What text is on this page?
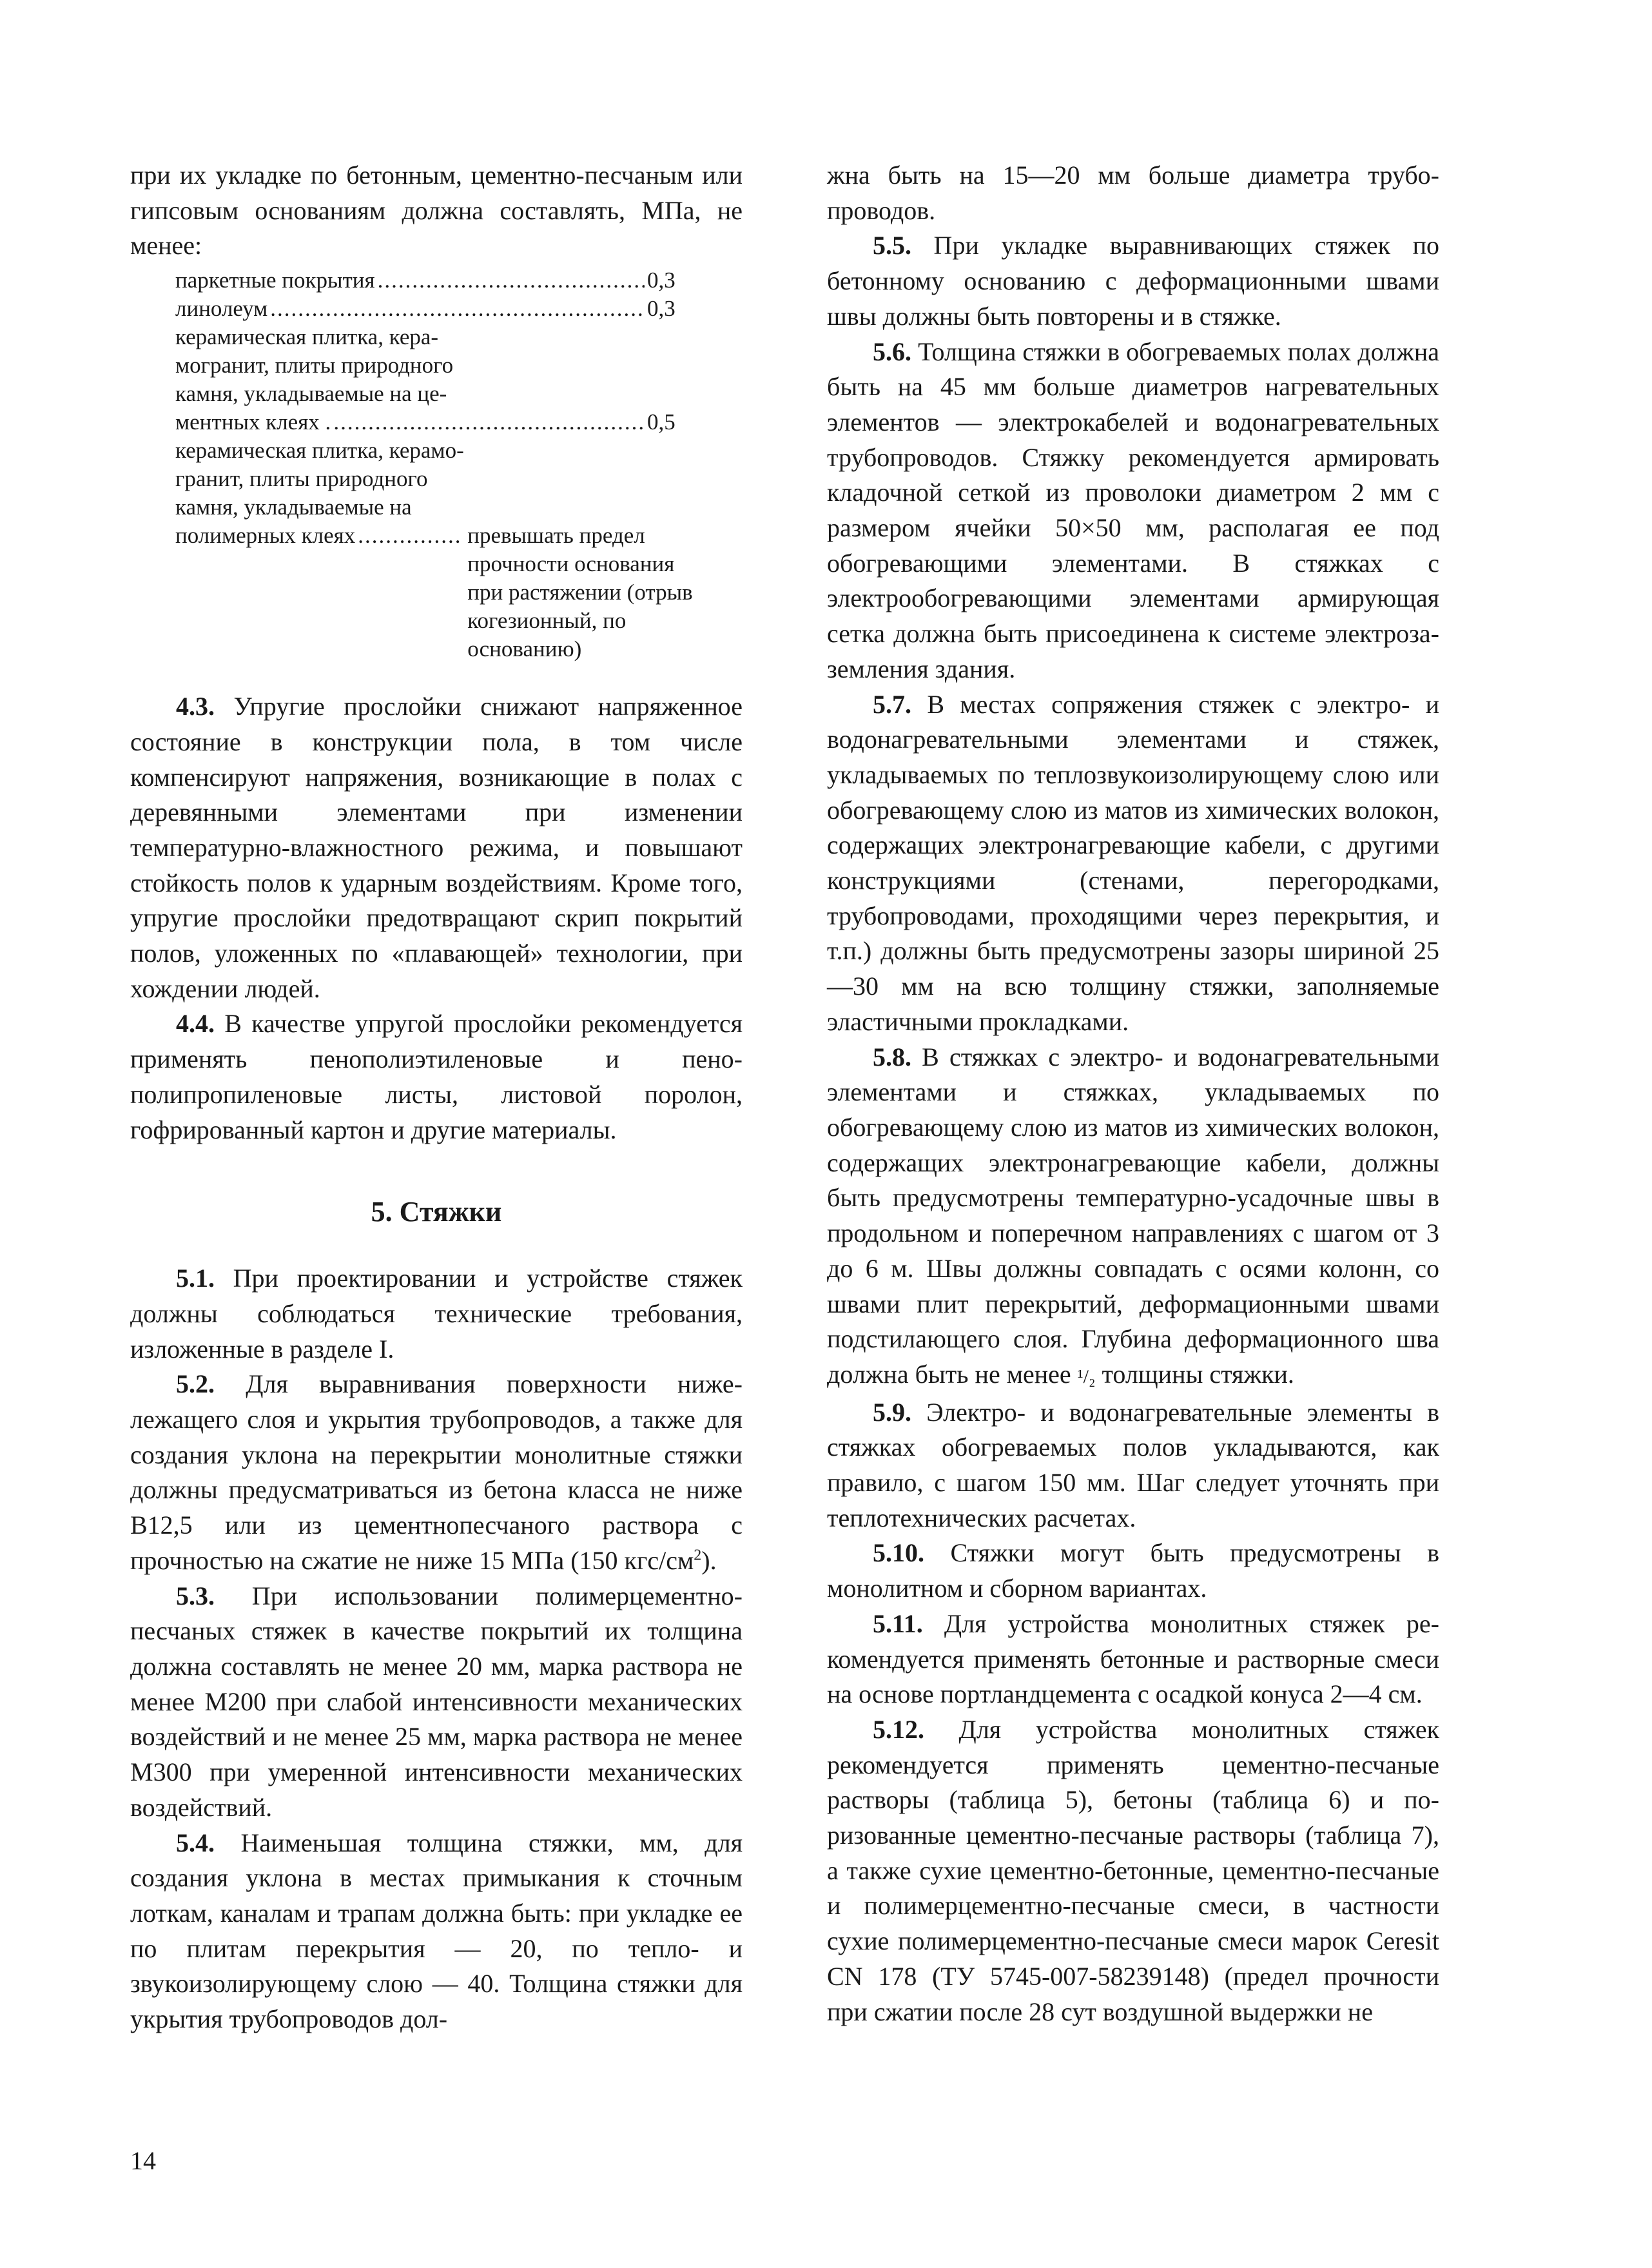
при их укладке по бетонным, цементно-песчаным или гипсовым основаниям должна составлять, МПа, не менее:

паркетные покрытия .....	0,3
линолеум .....	0,3
керамическая плитка, кера-
могранит, плиты природного
камня, укладываемые на це-
ментных клеях . .....	0,5
керамическая плитка, керамо-
гранит, плиты природного
камня, укладываемые на
полимерных клеях .....	превышать предел прочности основания при растяжении (отрыв когезионный, по основанию)

4.3. Упругие прослойки снижают напряженное состояние в конструкции пола, в том числе компенсируют напряжения, возникающие в полах с деревянными элементами при изменении температурно-влажностного режима, и повышают стойкость полов к ударным воздействиям. Кроме того, упругие прослойки предотвращают скрип покрытий полов, уложенных по «плавающей» технологии, при хождении людей.

4.4. В качестве упругой прослойки рекомендуется применять пенополиэтиленовые и пенополипропиленовые листы, листовой поролон, гофрированный картон и другие материалы.

5. Стяжки

5.1. При проектировании и устройстве стяжек должны соблюдаться технические требования, изложенные в разделе I.

5.2. Для выравнивания поверхности нижележащего слоя и укрытия трубопроводов, а также для создания уклона на перекрытии монолитные стяжки должны предусматриваться из бетона класса не ниже В12,5 или из цементнопесчаного раствора с прочностью на сжатие не ниже 15 МПа (150 кгс/$см^2$).

5.3. При использовании полимерцементно-песчаных стяжек в качестве покрытий их толщина должна составлять не менее 20 мм, марка раствора не менее М200 при слабой интенсивности механических воздействий и не менее 25 мм, марка раствора не менее М300 при умеренной интенсивности механических воздействий.

5.4. Наименьшая толщина стяжки, мм, для создания уклона в местах примыкания к сточным лоткам, каналам и трапам должна быть: при укладке ее по плитам перекрытия — 20, по тепло- и звукоизолирующему слою — 40. Толщина стяжки для укрытия трубопроводов дол-

жна быть на 15—20 мм больше диаметра трубопроводов.

5.5. При укладке выравнивающих стяжек по бетонному основанию с деформационными швами швы должны быть повторены и в стяжке.

5.6. Толщина стяжки в обогреваемых полах должна быть на 45 мм больше диаметров нагревательных элементов — электрокабелей и водонагревательных трубопроводов. Стяжку рекомендуется армировать кладочной сеткой из проволоки диаметром 2 мм с размером ячейки 50×50 мм, располагая ее под обогревающими элементами. В стяжках с электрообогревающими элементами армирующая сетка должна быть присоединена к системе электрозаземления здания.

5.7. В местах сопряжения стяжек с электро- и водонагревательными элементами и стяжек, укладываемых по теплозвукоизолирующему слою или обогревающему слою из матов из химических волокон, содержащих электронагревающие кабели, с другими конструкциями (стенами, перегородками, трубопроводами, проходящими через перекрытия, и т.п.) должны быть предусмотрены зазоры шириной 25—30 мм на всю толщину стяжки, заполняемые эластичными прокладками.

5.8. В стяжках с электро- и водонагревательными элементами и стяжках, укладываемых по обогревающему слою из матов из химических волокон, содержащих электронагревающие кабели, должны быть предусмотрены температурно-усадочные швы в продольном и поперечном направлениях с шагом от 3 до 6 м. Швы должны совпадать с осями колонн, со швами плит перекрытий, деформационными швами подстилающего слоя. Глубина деформационного шва должна быть не менее ¹/₂ толщины стяжки.

5.9. Электро- и водонагревательные элементы в стяжках обогреваемых полов укладываются, как правило, с шагом 150 мм. Шаг следует уточнять при теплотехнических расчетах.

5.10. Стяжки могут быть предусмотрены в монолитном и сборном вариантах.

5.11. Для устройства монолитных стяжек рекомендуется применять бетонные и растворные смеси на основе портландцемента с осадкой конуса 2—4 см.

5.12. Для устройства монолитных стяжек рекомендуется применять цементно-песчаные растворы (таблица 5), бетоны (таблица 6) и поризованные цементно-песчаные растворы (таблица 7), а также сухие цементно-бетонные, цементно-песчаные и полимерцементно-песчаные смеси, в частности сухие полимерцементно-песчаные смеси марок Ceresit CN 178 (ТУ 5745-007-58239148) (предел прочности при сжатии после 28 сут воздушной выдержки не

14
